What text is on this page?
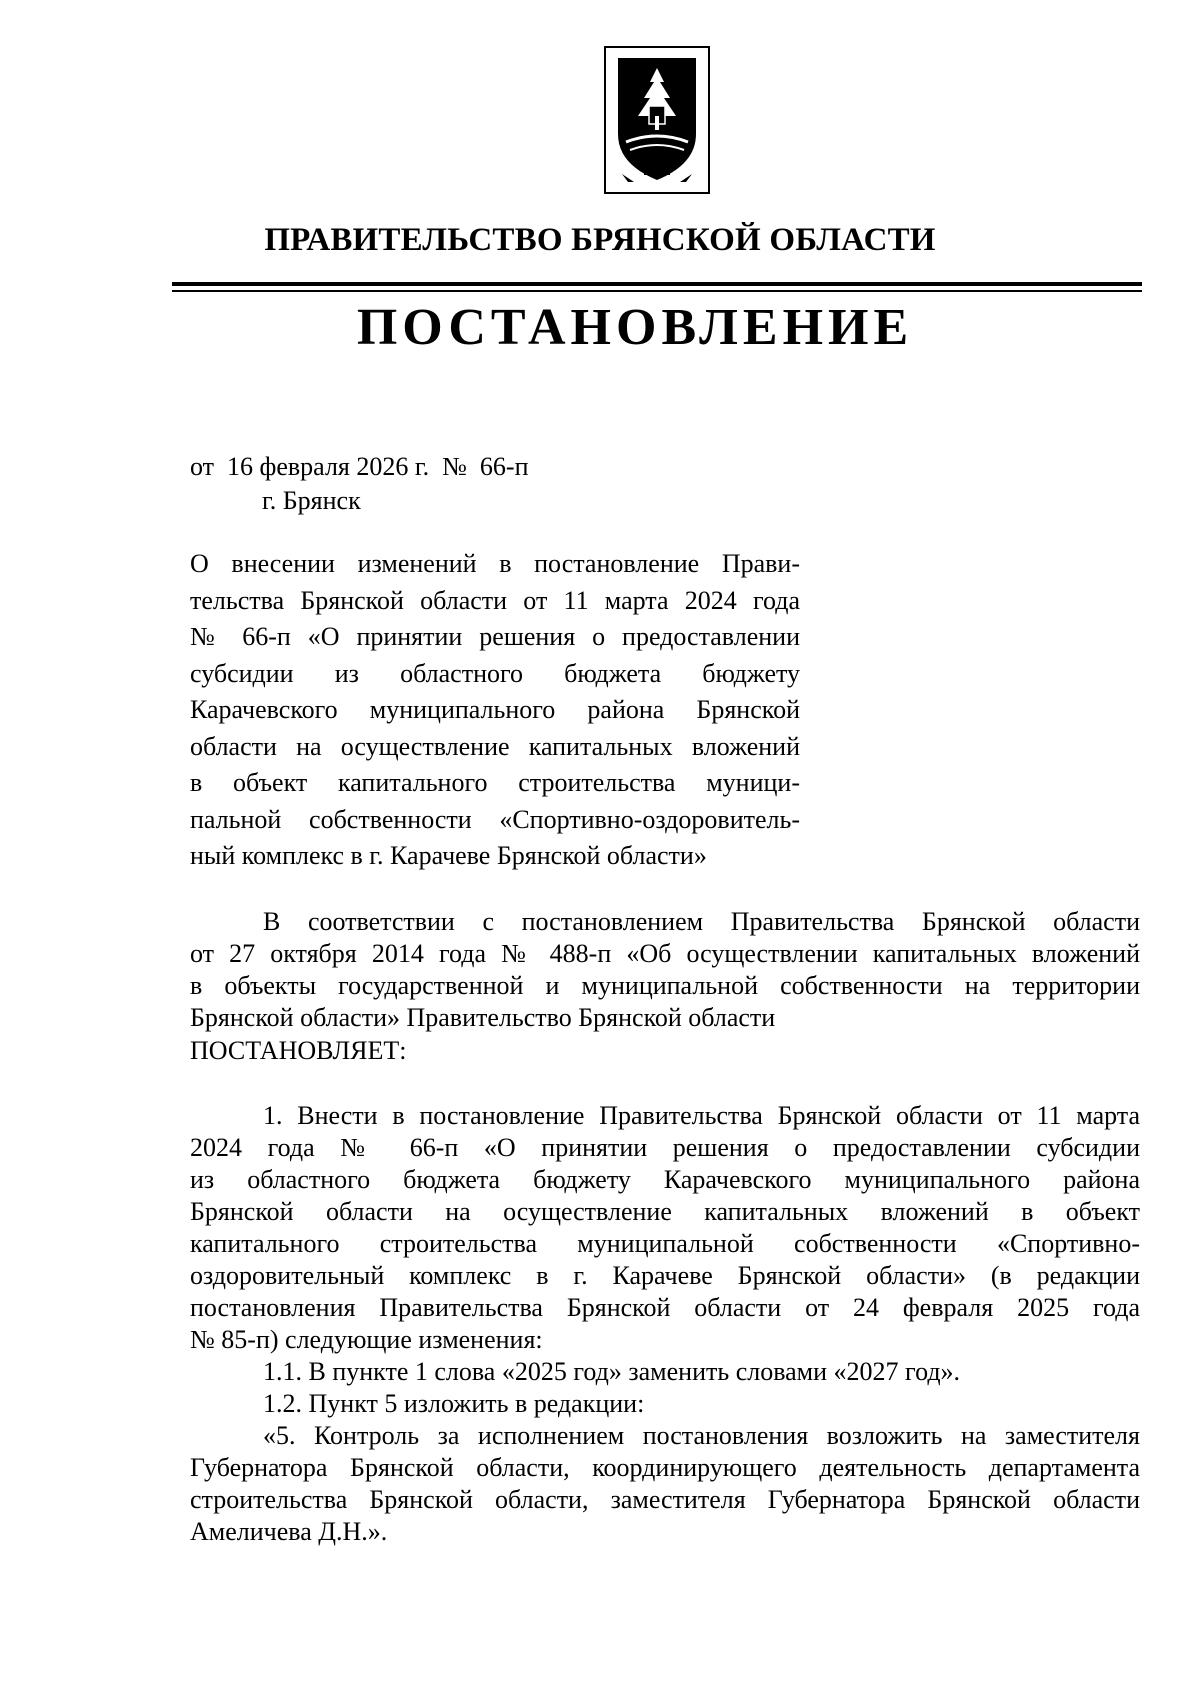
ПРАВИТЕЛЬСТВО БРЯНСКОЙ ОБЛАСТИ
ПОСТАНОВЛЕНИЕ
от  16 февраля 2026 г.  №  66-п
г. Брянск
О внесении изменений в постановление Прави-
тельства Брянской области от 11 марта 2024 года
№ 66-п «О принятии решения о предоставлении
субсидии из областного бюджета бюджету
Карачевского муниципального района Брянской
области на осуществление капитальных вложений
в объект капитального строительства муници-
пальной собственности «Спортивно-оздоровитель-
ный комплекс в г. Карачеве Брянской области»
В соответствии с постановлением Правительства Брянской области
от 27 октября 2014 года № 488-п «Об осуществлении капитальных вложений
в объекты государственной и муниципальной собственности на территории
Брянской области» Правительство Брянской области
ПОСТАНОВЛЯЕТ:
1. Внести в постановление Правительства Брянской области от 11 марта
2024 года № 66-п «О принятии решения о предоставлении субсидии
из областного бюджета бюджету Карачевского муниципального района
Брянской области на осуществление капитальных вложений в объект
капитального строительства муниципальной собственности «Спортивно-
оздоровительный комплекс в г. Карачеве Брянской области» (в редакции
постановления Правительства Брянской области от 24 февраля 2025 года
№ 85-п) следующие изменения:
1.1. В пункте 1 слова «2025 год» заменить словами «2027 год».
1.2. Пункт 5 изложить в редакции:
«5. Контроль за исполнением постановления возложить на заместителя
Губернатора Брянской области, координирующего деятельность департамента
строительства Брянской области, заместителя Губернатора Брянской области
Амеличева Д.Н.».
